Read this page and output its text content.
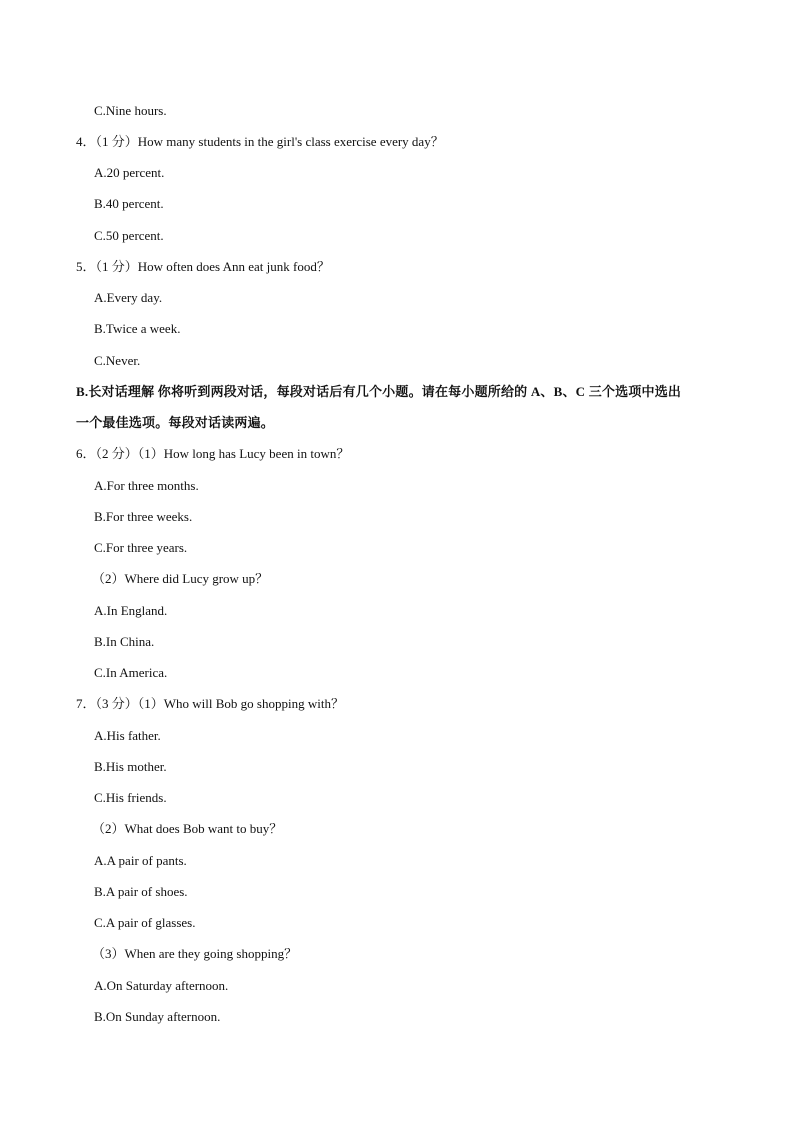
C.Nine hours.
4．（1 分）How many students in the girl's class exercise every day？
A.20 percent.
B.40 percent.
C.50 percent.
5．（1 分）How often does Ann eat junk food？
A.Every day.
B.Twice a week.
C.Never.
B.长对话理解 你将听到两段对话，每段对话后有几个小题。请在每小题所给的 A、B、C 三个选项中选出
一个最佳选项。每段对话读两遍。
6．（2 分）（1）How long has Lucy been in town？
A.For three months.
B.For three weeks.
C.For three years.
（2）Where did Lucy grow up？
A.In England.
B.In China.
C.In America.
7．（3 分）（1）Who will Bob go shopping with？
A.His father.
B.His mother.
C.His friends.
（2）What does Bob want to buy？
A.A pair of pants.
B.A pair of shoes.
C.A pair of glasses.
（3）When are they going shopping？
A.On Saturday afternoon.
B.On Sunday afternoon.
